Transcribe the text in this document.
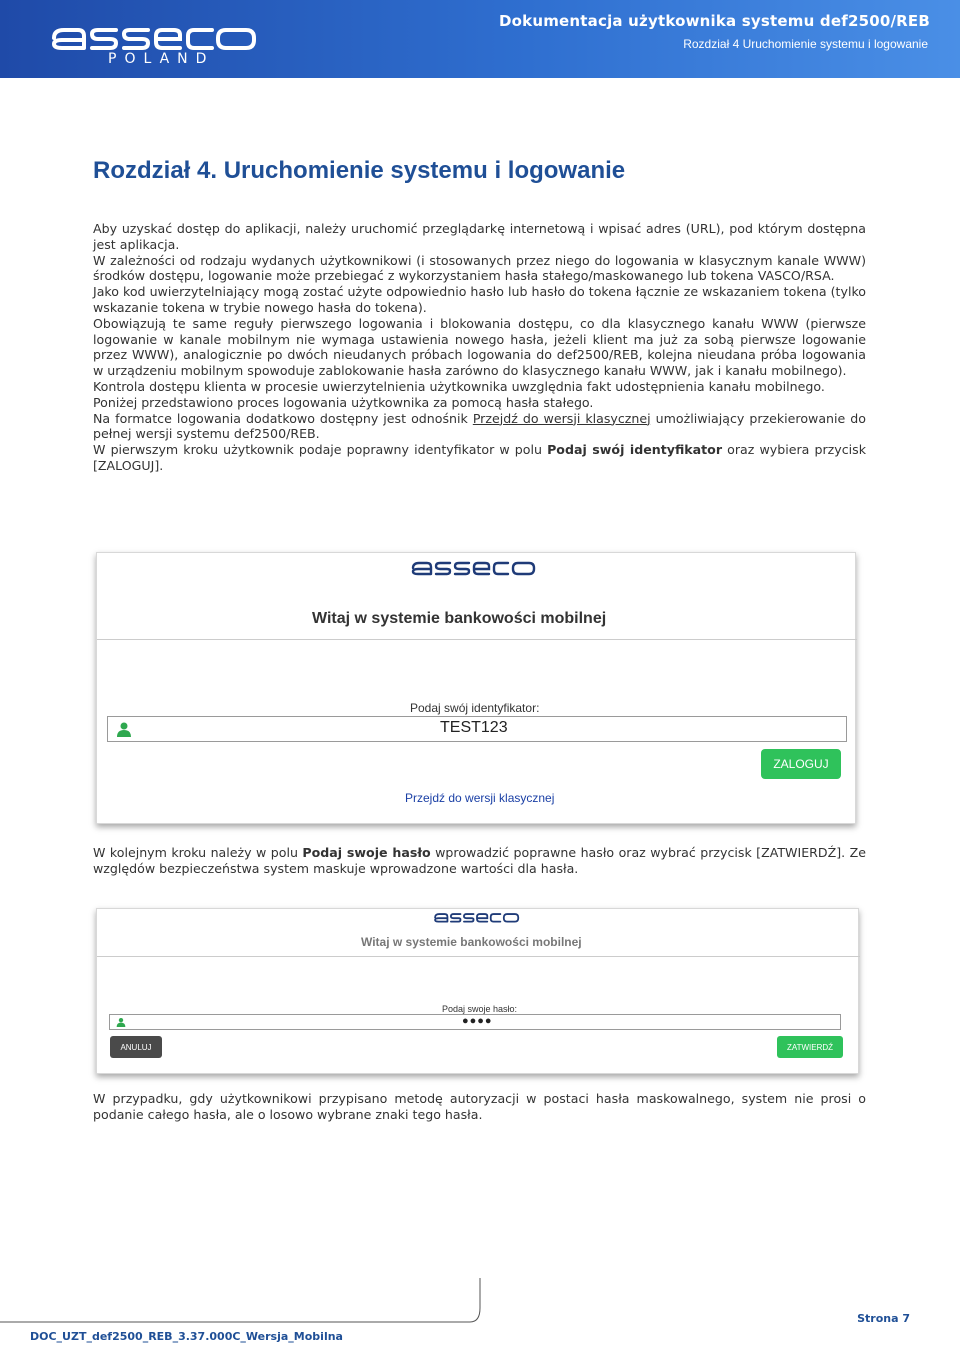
POLAND
Dokumentacja użytkownika systemu def2500/REB
Rozdział 4 Uruchomienie systemu i logowanie
Rozdział 4. Uruchomienie systemu i logowanie

Aby uzyskać dostęp do aplikacji, należy uruchomić przeglądarkę internetową i wpisać adres (URL), pod którym dostępna jest aplikacja.

W zależności od rodzaju wydanych użytkownikowi (i stosowanych przez niego do logowania w klasycznym kanale WWW) środków dostępu, logowanie może przebiegać z wykorzystaniem hasła stałego/maskowanego lub tokena VASCO/RSA.

Jako kod uwierzytelniający mogą zostać użyte odpowiednio hasło lub hasło do tokena łącznie ze wskazaniem tokena (tylko wskazanie tokena w trybie nowego hasła do tokena).

Obowiązują te same reguły pierwszego logowania i blokowania dostępu, co dla klasycznego kanału WWW (pierwsze logowanie w kanale mobilnym nie wymaga ustawienia nowego hasła, jeżeli klient ma już za sobą pierwsze logowanie przez WWW), analogicznie po dwóch nieudanych próbach logowania do def2500/REB, kolejna nieudana próba logowania w urządzeniu mobilnym spowoduje zablokowanie hasła zarówno do klasycznego kanału WWW, jak i kanału mobilnego).

Kontrola dostępu klienta w procesie uwierzytelnienia użytkownika uwzględnia fakt udostępnienia kanału mobilnego.

Poniżej przedstawiono proces logowania użytkownika za pomocą hasła stałego.

Na formatce logowania dodatkowo dostępny jest odnośnik Przejdź do wersji klasycznej umożliwiający przekierowanie do pełnej wersji systemu def2500/REB.

W pierwszym kroku użytkownik podaje poprawny identyfikator w polu Podaj swój identyfikator oraz wybiera przycisk [ZALOGUJ].

Witaj w systemie bankowości mobilnej
Podaj swój identyfikator:
TEST123
ZALOGUJ
Przejdź do wersji klasycznej

W kolejnym kroku należy w polu Podaj swoje hasło wprowadzić poprawne hasło oraz wybrać przycisk [ZATWIERDŹ]. Ze względów bezpieczeństwa system maskuje wprowadzone wartości dla hasła.

Witaj w systemie bankowości mobilnej
Podaj swoje hasło:
●●●●
ANULUJ	ZATWIERDŹ

W przypadku, gdy użytkownikowi przypisano metodę autoryzacji w postaci hasła maskowalnego, system nie prosi o podanie całego hasła, ale o losowo wybrane znaki tego hasła.

DOC_UZT_def2500_REB_3.37.000C_Wersja_Mobilna
Strona 7
